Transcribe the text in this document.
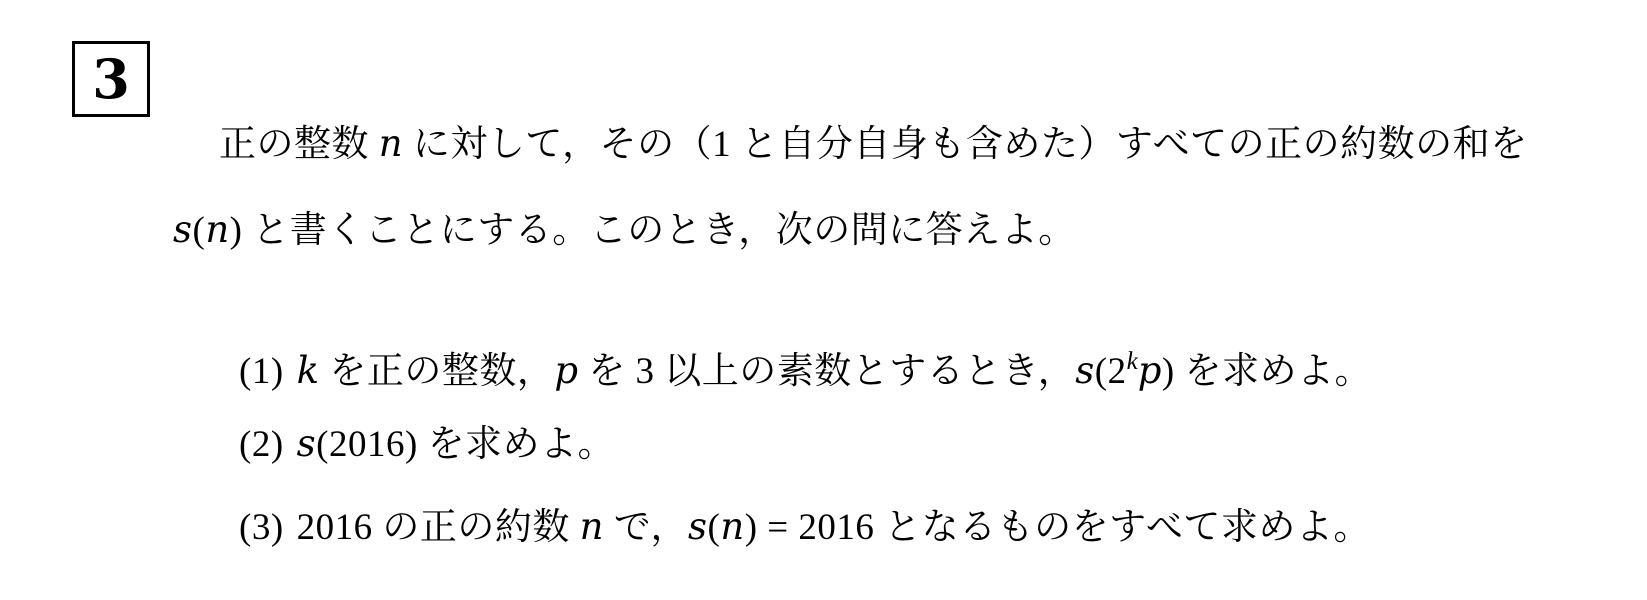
3

正の整数 n に対して，その（1 と自分自身も含めた）すべての正の約数の和を

s(n) と書くことにする。このとき，次の問に答えよ。

(1) k を正の整数，p を 3 以上の素数とするとき，s(2$^k$p) を求めよ。

(2) s(2016) を求めよ。

(3) 2016 の正の約数 n で，s(n) = 2016 となるものをすべて求めよ。
